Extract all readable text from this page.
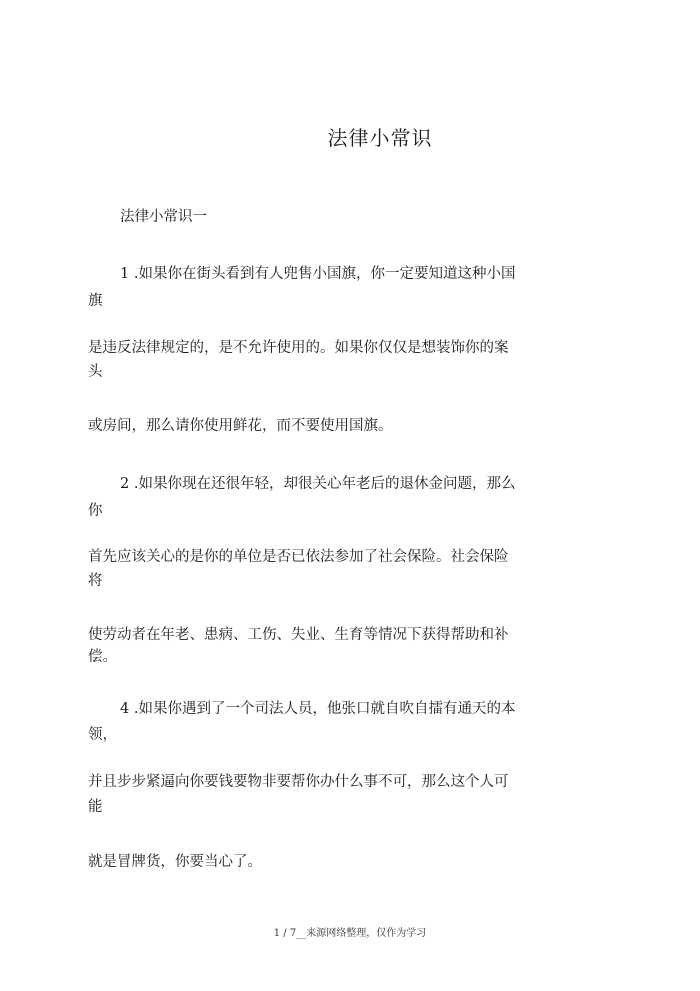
法律小常识
法律小常识一
1 .如果你在街头看到有人兜售小国旗，你一定要知道这种小国
旗
是违反法律规定的，是不允许使用的。如果你仅仅是想装饰你的案
头
或房间，那么请你使用鲜花，而不要使用国旗。
2 .如果你现在还很年轻，却很关心年老后的退休金问题，那么
你
首先应该关心的是你的单位是否已依法参加了社会保险。社会保险
将
使劳动者在年老、患病、工伤、失业、生育等情况下获得帮助和补
偿。
4 .如果你遇到了一个司法人员，他张口就自吹自擂有通天的本
领，
并且步步紧逼向你要钱要物非要帮你办什么事不可，那么这个人可
能
就是冒牌货，你要当心了。
1 / 7__来源网络整理，仅作为学习
